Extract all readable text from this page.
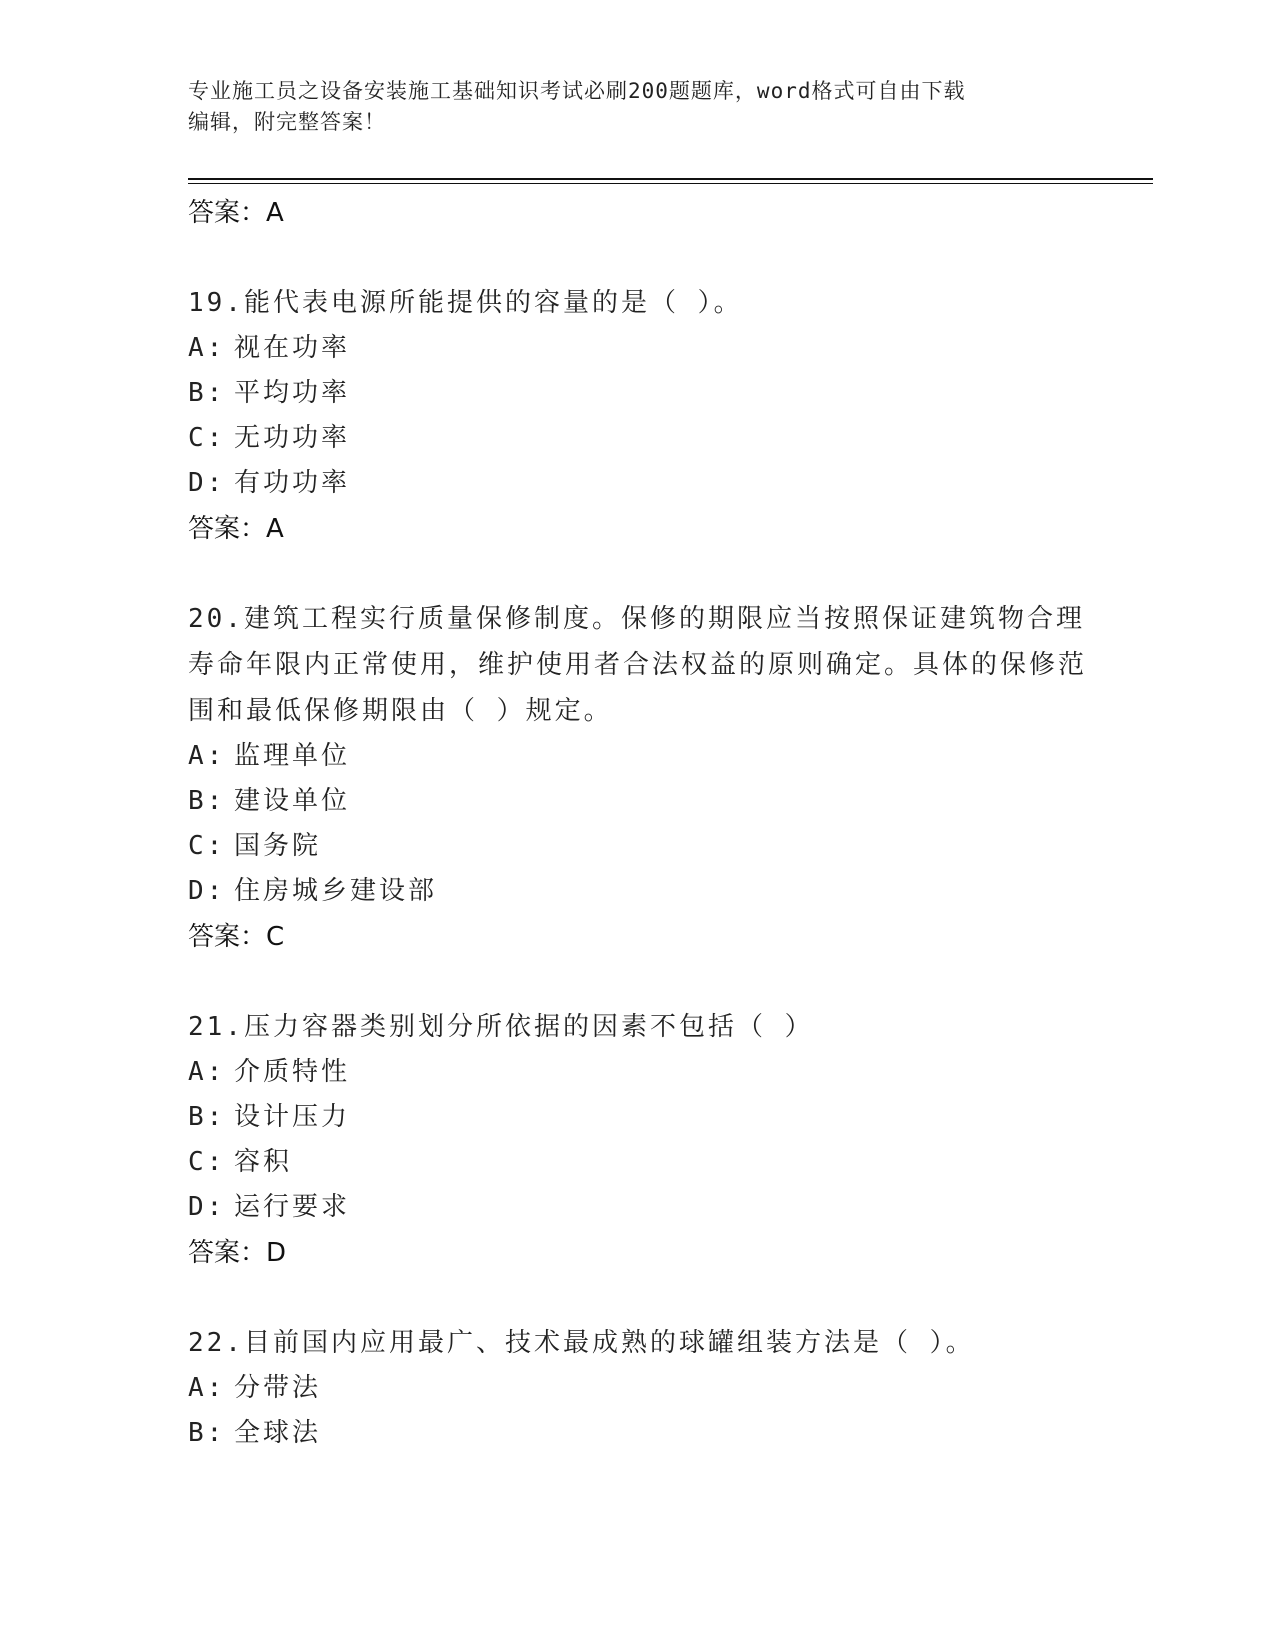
专业施工员之设备安装施工基础知识考试必刷200题题库，word格式可自由下载
编辑，附完整答案！

答案：A

19.能代表电源所能提供的容量的是（ ）。

A: 视在功率

B: 平均功率

C: 无功功率

D: 有功功率

答案：A

20.建筑工程实行质量保修制度。保修的期限应当按照保证建筑物合理寿命年限内正常使用，维护使用者合法权益的原则确定。具体的保修范围和最低保修期限由（ ）规定。

A: 监理单位

B: 建设单位

C: 国务院

D: 住房城乡建设部

答案：C

21.压力容器类别划分所依据的因素不包括（ ）

A: 介质特性

B: 设计压力

C: 容积

D: 运行要求

答案：D

22.目前国内应用最广、技术最成熟的球罐组装方法是（ ）。

A: 分带法

B: 全球法
